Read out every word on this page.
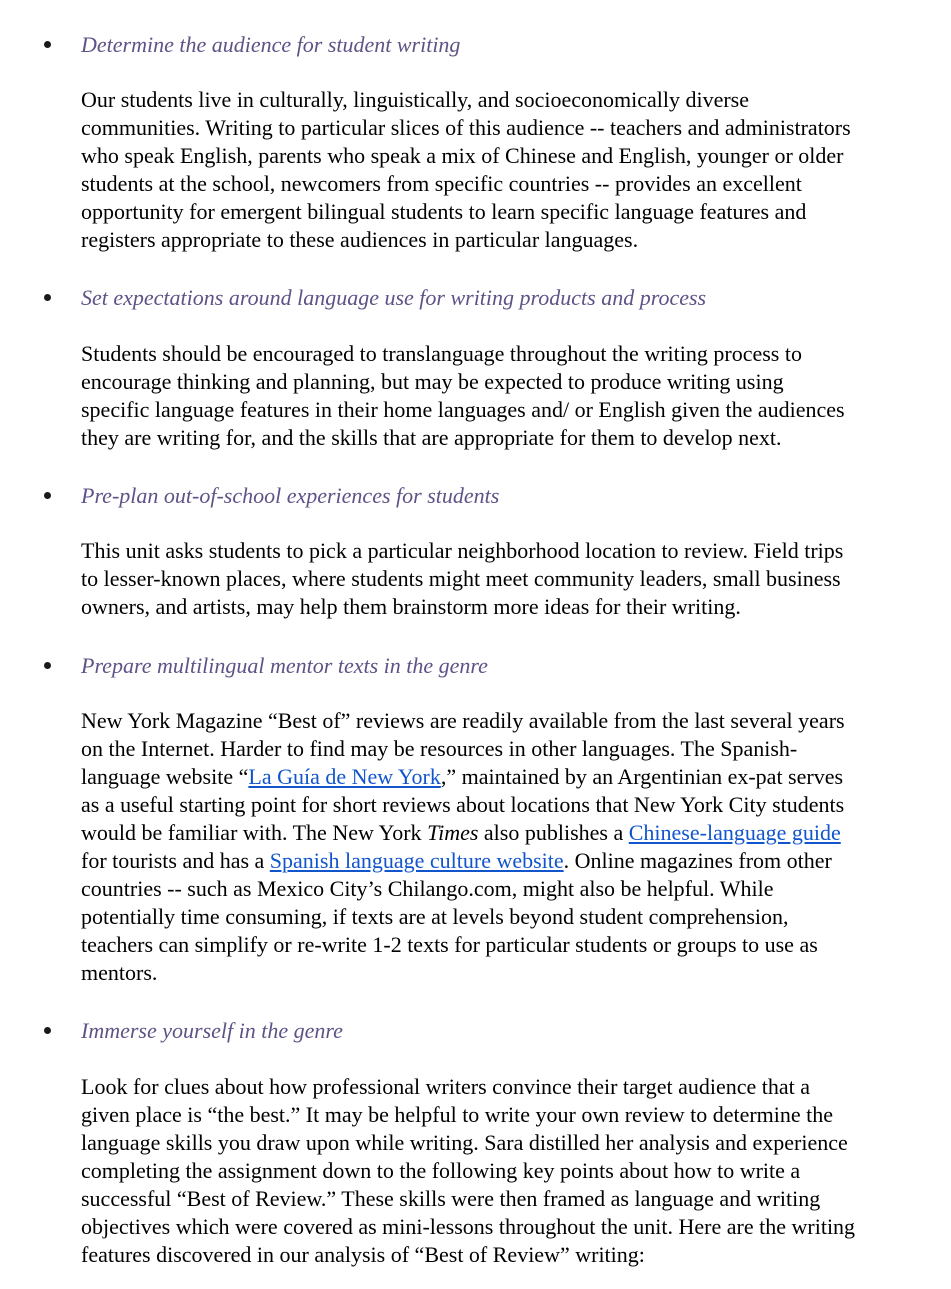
Determine the audience for student writing
Our students live in culturally, linguistically, and socioeconomically diverse
communities. Writing to particular slices of this audience -- teachers and administrators
who speak English, parents who speak a mix of Chinese and English, younger or older
students at the school, newcomers from specific countries -- provides an excellent
opportunity for emergent bilingual students to learn specific language features and
registers appropriate to these audiences in particular languages.
Set expectations around language use for writing products and process
Students should be encouraged to translanguage throughout the writing process to
encourage thinking and planning, but may be expected to produce writing using
specific language features in their home languages and/ or English given the audiences
they are writing for, and the skills that are appropriate for them to develop next.
Pre-plan out-of-school experiences for students
This unit asks students to pick a particular neighborhood location to review. Field trips
to lesser-known places, where students might meet community leaders, small business
owners, and artists, may help them brainstorm more ideas for their writing.
Prepare multilingual mentor texts in the genre
New York Magazine “Best of” reviews are readily available from the last several years
on the Internet. Harder to find may be resources in other languages. The Spanish-
language website “La Guía de New York,” maintained by an Argentinian ex-pat serves
as a useful starting point for short reviews about locations that New York City students
would be familiar with. The New York Times also publishes a Chinese-language guide
for tourists and has a Spanish language culture website. Online magazines from other
countries -- such as Mexico City’s Chilango.com, might also be helpful. While
potentially time consuming, if texts are at levels beyond student comprehension,
teachers can simplify or re-write 1-2 texts for particular students or groups to use as
mentors.
Immerse yourself in the genre
Look for clues about how professional writers convince their target audience that a
given place is “the best.” It may be helpful to write your own review to determine the
language skills you draw upon while writing. Sara distilled her analysis and experience
completing the assignment down to the following key points about how to write a
successful “Best of Review.” These skills were then framed as language and writing
objectives which were covered as mini-lessons throughout the unit. Here are the writing
features discovered in our analysis of “Best of Review” writing:
